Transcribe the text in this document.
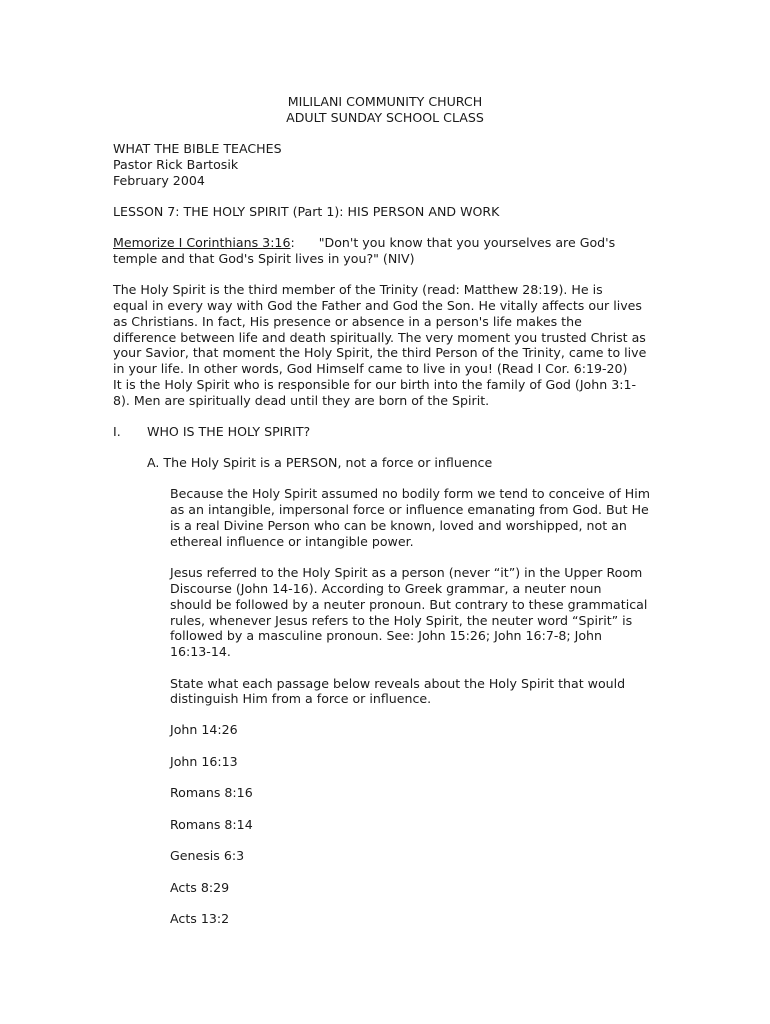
MILILANI COMMUNITY CHURCH
ADULT SUNDAY SCHOOL CLASS
WHAT THE BIBLE TEACHES
Pastor Rick Bartosik
February 2004
LESSON 7: THE HOLY SPIRIT (Part 1): HIS PERSON AND WORK
Memorize I Corinthians 3:16: "Don't you know that you yourselves are God's
temple and that God's Spirit lives in you?" (NIV)
The Holy Spirit is the third member of the Trinity (read: Matthew 28:19). He is
equal in every way with God the Father and God the Son. He vitally affects our lives
as Christians. In fact, His presence or absence in a person's life makes the
difference between life and death spiritually. The very moment you trusted Christ as
your Savior, that moment the Holy Spirit, the third Person of the Trinity, came to live
in your life. In other words, God Himself came to live in you! (Read I Cor. 6:19-20)
It is the Holy Spirit who is responsible for our birth into the family of God (John 3:1-
8). Men are spiritually dead until they are born of the Spirit.
I. WHO IS THE HOLY SPIRIT?
A. The Holy Spirit is a PERSON, not a force or influence
Because the Holy Spirit assumed no bodily form we tend to conceive of Him
as an intangible, impersonal force or influence emanating from God. But He
is a real Divine Person who can be known, loved and worshipped, not an
ethereal influence or intangible power.
Jesus referred to the Holy Spirit as a person (never “it”) in the Upper Room
Discourse (John 14-16). According to Greek grammar, a neuter noun
should be followed by a neuter pronoun. But contrary to these grammatical
rules, whenever Jesus refers to the Holy Spirit, the neuter word “Spirit” is
followed by a masculine pronoun. See: John 15:26; John 16:7-8; John
16:13-14.
State what each passage below reveals about the Holy Spirit that would
distinguish Him from a force or influence.
John 14:26
John 16:13
Romans 8:16
Romans 8:14
Genesis 6:3
Acts 8:29
Acts 13:2
